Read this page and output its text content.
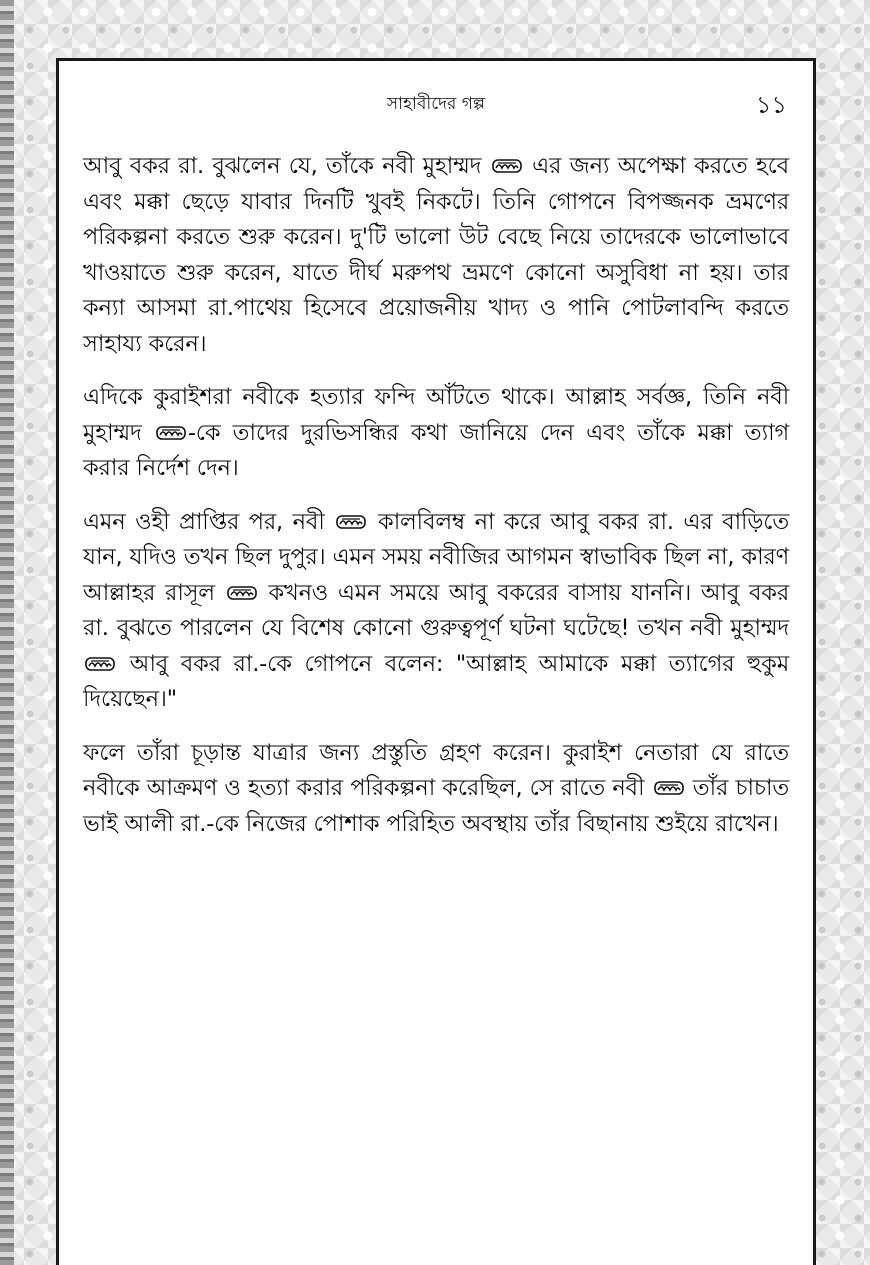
সাহাবীদের গল্প	১১

আবু বকর রা. বুঝলেন যে, তাঁকে নবী মুহাম্মদ এর জন্য অপেক্ষা করতে হবে এবং মক্কা ছেড়ে যাবার দিনটি খুবই নিকটে। তিনি গোপনে বিপজ্জনক ভ্রমণের পরিকল্পনা করতে শুরু করেন। দু'টি ভালো উট বেছে নিয়ে তাদেরকে ভালোভাবে খাওয়াতে শুরু করেন, যাতে দীর্ঘ মরুপথ ভ্রমণে কোনো অসুবিধা না হয়। তার কন্যা আসমা রা.পাথেয় হিসেবে প্রয়োজনীয় খাদ্য ও পানি পোটলাবন্দি করতে সাহায্য করেন।

এদিকে কুরাইশরা নবীকে হত্যার ফন্দি আঁটতে থাকে। আল্লাহ সর্বজ্ঞ, তিনি নবী মুহাম্মদ -কে তাদের দুরভিসন্ধির কথা জানিয়ে দেন এবং তাঁকে মক্কা ত্যাগ করার নির্দেশ দেন।

এমন ওহী প্রাপ্তির পর, নবী কালবিলম্ব না করে আবু বকর রা. এর বাড়িতে যান, যদিও তখন ছিল দুপুর। এমন সময় নবীজির আগমন স্বাভাবিক ছিল না, কারণ আল্লাহর রাসূল কখনও এমন সময়ে আবু বকরের বাসায় যাননি। আবু বকর রা. বুঝতে পারলেন যে বিশেষ কোনো গুরুত্বপূর্ণ ঘটনা ঘটেছে! তখন নবী মুহাম্মদ
আবু বকর রা.-কে গোপনে বলেন: "আল্লাহ আমাকে মক্কা ত্যাগের হুকুম দিয়েছেন।"

ফলে তাঁরা চূড়ান্ত যাত্রার জন্য প্রস্তুতি গ্রহণ করেন। কুরাইশ নেতারা যে রাতে নবীকে আক্রমণ ও হত্যা করার পরিকল্পনা করেছিল, সে রাতে নবী তাঁর চাচাত ভাই আলী রা.-কে নিজের পোশাক পরিহিত অবস্থায় তাঁর বিছানায় শুইয়ে রাখেন।
